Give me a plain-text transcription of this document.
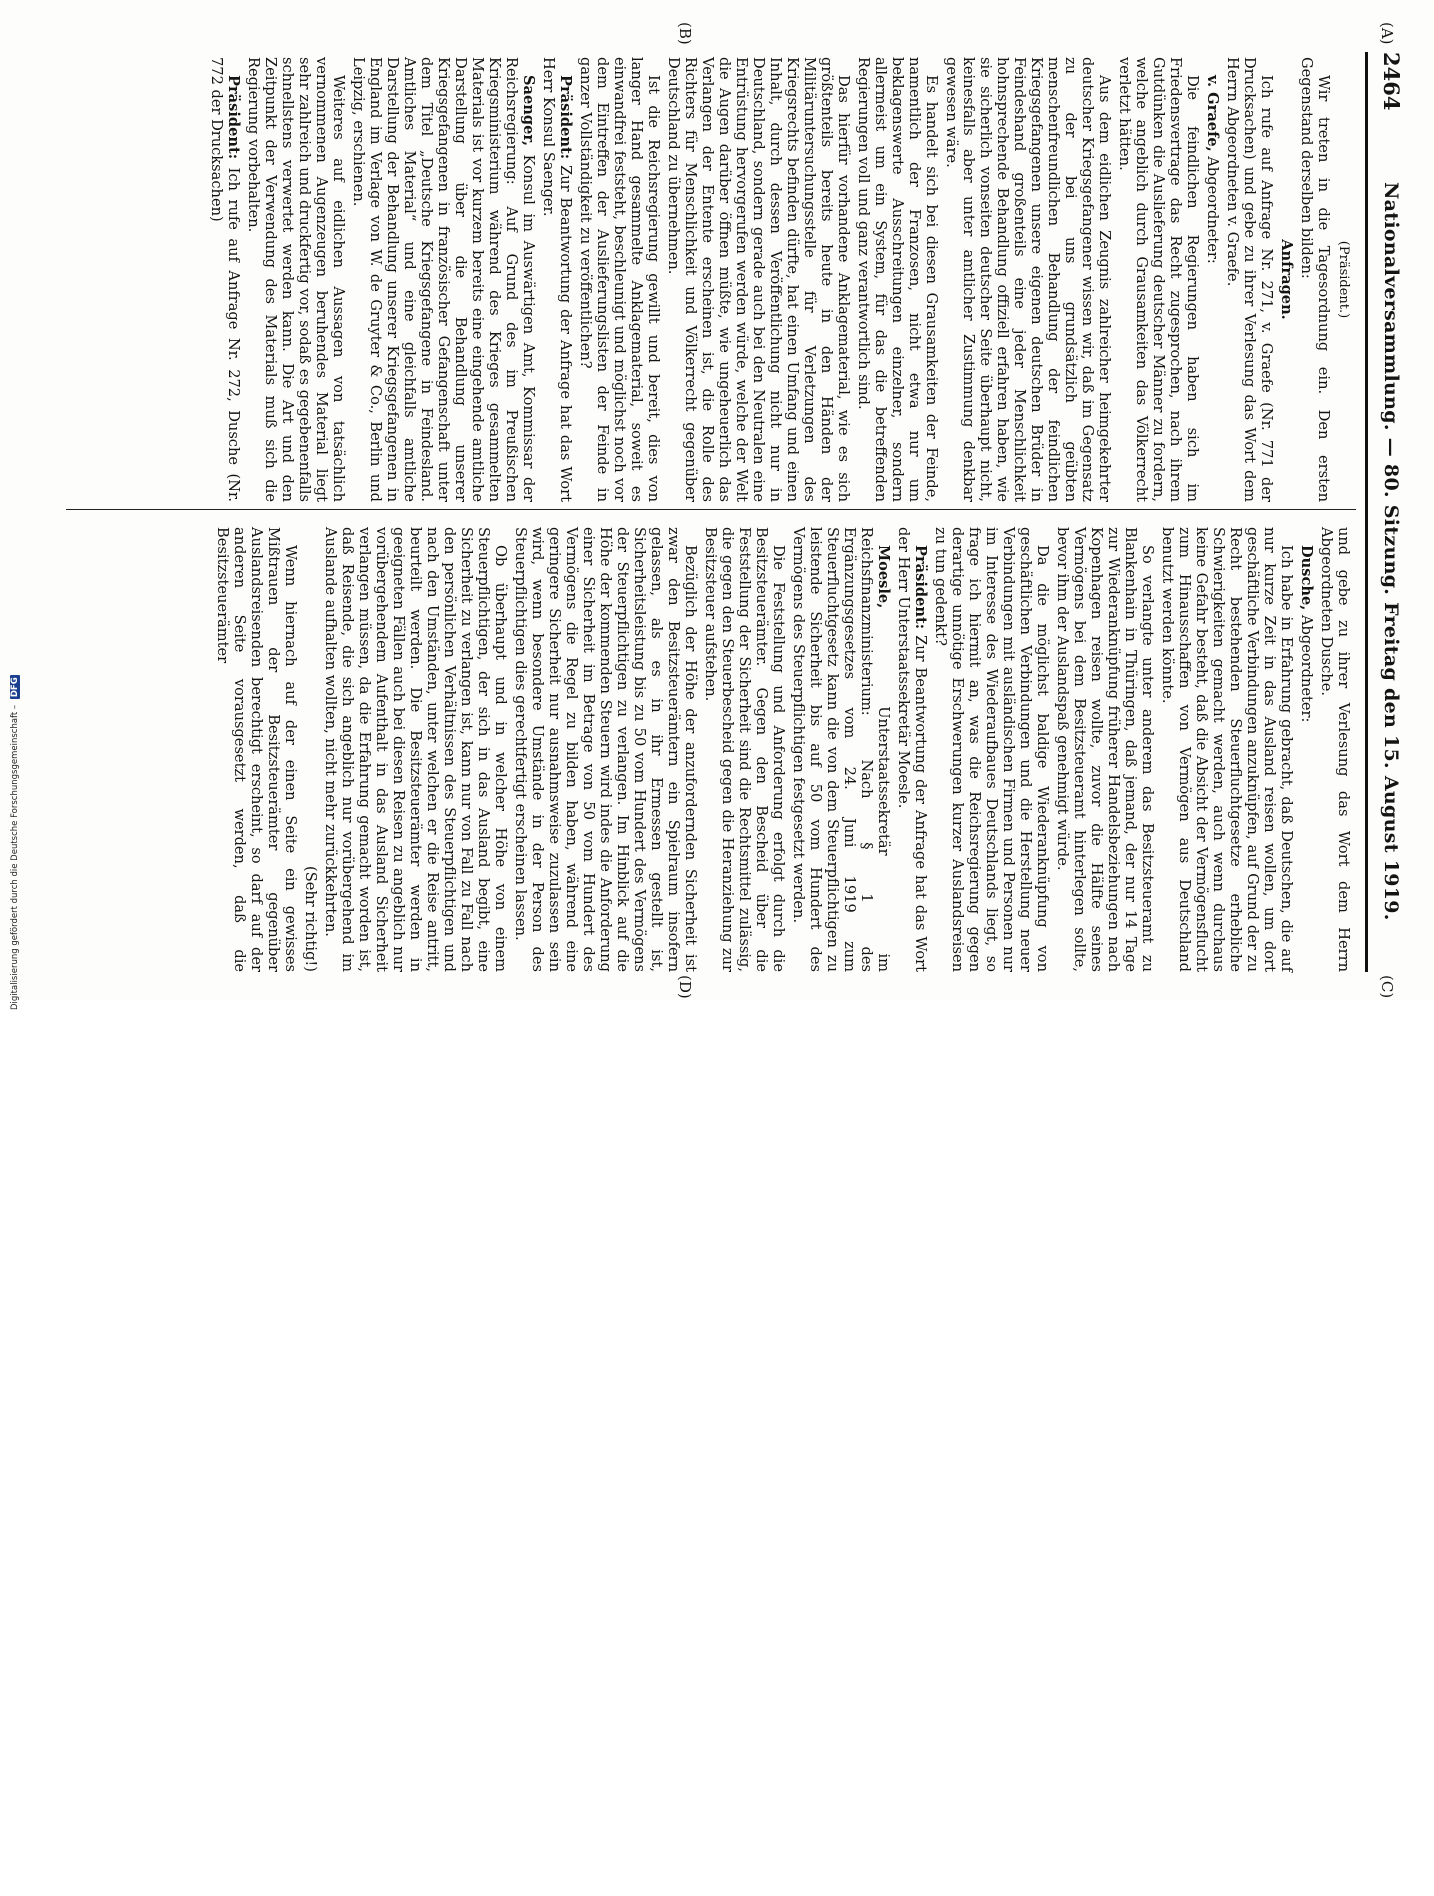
2464
Nationalversammlung. — 80. Sitzung. Freitag den 15. August 1919.
(A)
(B)
(C)
(D)

(Präsident.)

Wir treten in die Tagesordnung ein. Den ersten Gegenstand derselben bilden:

Anfragen.

Ich rufe auf Anfrage Nr. 271, v. Graefe (Nr. 771 der Drucksachen) und gebe zu ihrer Verlesung das Wort dem Herrn Abgeordneten v. Graefe.

v. Graefe, Abgeordneter:

Die feindlichen Regierungen haben sich im Friedensvertrage das Recht zugesprochen, nach ihrem Gutdünken die Auslieferung deutscher Männer zu fordern, welche angeblich durch Grausamkeiten das Völkerrecht verletzt hätten.

Aus dem eidlichen Zeugnis zahlreicher heimgekehrter deutscher Kriegsgefangener wissen wir, daß im Gegensatz zu der bei uns grundsätzlich geübten menschenfreundlichen Behandlung der feindlichen Kriegsgefangenen unsere eigenen deutschen Brüder in Feindeshand großenteils eine jeder Menschlichkeit hohnsprechende Behandlung offiziell erfahren haben, wie sie sicherlich vonseiten deutscher Seite überhaupt nicht, keinesfalls aber unter amtlicher Zustimmung denkbar gewesen wäre.

Es handelt sich bei diesen Grausamkeiten der Feinde, namentlich der Franzosen, nicht etwa nur um beklagenswerte Ausschreitungen einzelner, sondern allermeist um ein System, für das die betreffenden Regierungen voll und ganz verantwortlich sind.

Das hierfür vorhandene Anklagematerial, wie es sich größtenteils bereits heute in den Händen der Militäruntersuchungsstelle für Verletzungen des Kriegsrechts befinden dürfte, hat einen Umfang und einen Inhalt, durch dessen Veröffentlichung nicht nur in Deutschland, sondern gerade auch bei den Neutralen eine Entrüstung hervorgerufen werden würde, welche der Welt die Augen darüber öffnen müßte, wie ungeheuerlich das Verlangen der Entente erscheinen ist, die Rolle des Richters für Menschlichkeit und Völkerrecht gegenüber Deutschland zu übernehmen.

Ist die Reichsregierung gewillt und bereit, dies von langer Hand gesammelte Anklagematerial, soweit es einwandfrei feststeht, beschleunigt und möglichst noch vor dem Eintreffen der Auslieferungslisten der Feinde in ganzer Vollständigkeit zu veröffentlichen?

Präsident: Zur Beantwortung der Anfrage hat das Wort Herr Konsul Saenger.

Saenger, Konsul im Auswärtigen Amt, Kommissar der Reichsregierung: Auf Grund des im Preußischen Kriegsministerium während des Krieges gesammelten Materials ist vor kurzem bereits eine eingehende amtliche Darstellung über die Behandlung unserer Kriegsgefangenen in französischer Gefangenschaft unter dem Titel „Deutsche Kriegsgefangene in Feindesland. Amtliches Material“ und eine gleichfalls amtliche Darstellung der Behandlung unserer Kriegsgefangenen in England im Verlage von W. de Gruyter & Co., Berlin und Leipzig, erschienen.

Weiteres auf eidlichen Aussagen von tatsächlich vernommenen Augenzeugen beruhendes Material liegt sehr zahlreich und druckfertig vor, sodaß es gegebenenfalls schnellstens verwertet werden kann. Die Art und den Zeitpunkt der Verwendung des Materials muß sich die Regierung vorbehalten.

Präsident: Ich rufe auf Anfrage Nr. 272, Dusche (Nr. 772 der Drucksachen)

und gebe zu ihrer Verlesung das Wort dem Herrn Abgeordneten Dusche.

Dusche, Abgeordneter:

Ich habe in Erfahrung gebracht, daß Deutschen, die auf nur kurze Zeit in das Ausland reisen wollen, um dort geschäftliche Verbindungen anzuknüpfen, auf Grund der zu Recht bestehenden Steuerfluchtgesetze erhebliche Schwierigkeiten gemacht werden, auch wenn durchaus keine Gefahr besteht, daß die Absicht der Vermögensflucht zum Hinausschaffen von Vermögen aus Deutschland benutzt werden könnte.

So verlangte unter anderem das Besitzsteueramt zu Blankenhain in Thüringen, daß jemand, der nur 14 Tage zur Wiederanknüpfung früherer Handelsbeziehungen nach Kopenhagen reisen wollte, zuvor die Hälfte seines Vermögens bei dem Besitzsteueramt hinterlegen sollte, bevor ihm der Auslandspaß genehmigt würde.

Da die möglichst baldige Wiederanknüpfung von geschäftlichen Verbindungen und die Herstellung neuer Verbindungen mit ausländischen Firmen und Personen nur im Interesse des Wiederaufbaues Deutschlands liegt, so frage ich hiermit an, was die Reichsregierung gegen derartige unnötige Erschwerungen kurzer Auslandsreisen zu tun gedenkt?

Präsident: Zur Beantwortung der Anfrage hat das Wort der Herr Unterstaatssekretär Moesle.

Moesle, Unterstaatssekretär im Reichsfinanzministerium: Nach § 1 des Ergänzungsgesetzes vom 24. Juni 1919 zum Steuerfluchtgesetz kann die von dem Steuerpflichtigen zu leistende Sicherheit bis auf 50 vom Hundert des Vermögens des Steuerpflichtigen festgesetzt werden.

Die Feststellung und Anforderung erfolgt durch die Besitzsteuerämter. Gegen den Bescheid über die Feststellung der Sicherheit sind die Rechtsmittel zulässig, die gegen den Steuerbescheid gegen die Heranziehung zur Besitzsteuer aufstehen.

Bezüglich der Höhe der anzufordernden Sicherheit ist zwar den Besitzsteuerämtern ein Spielraum insofern gelassen, als es in ihr Ermessen gestellt ist, Sicherheitsleistung bis zu 50 vom Hundert des Vermögens der Steuerpflichtigen zu verlangen. Im Hinblick auf die Höhe der kommenden Steuern wird indes die Anforderung einer Sicherheit im Betrage von 50 vom Hundert des Vermögens die Regel zu bilden haben, während eine geringere Sicherheit nur ausnahmsweise zuzulassen sein wird, wenn besondere Umstände in der Person des Steuerpflichtigen dies gerechtfertigt erscheinen lassen.

Ob überhaupt und in welcher Höhe von einem Steuerpflichtigen, der sich in das Ausland begibt, eine Sicherheit zu verlangen ist, kann nur von Fall zu Fall nach den persönlichen Verhältnissen des Steuerpflichtigen und nach den Umständen, unter welchen er die Reise antritt, beurteilt werden. Die Besitzsteuerämter werden in geeigneten Fällen auch bei diesen Reisen zu angeblich nur vorübergehendem Aufenthalt in das Ausland Sicherheit verlangen müssen, da die Erfahrung gemacht worden ist, daß Reisende, die sich angeblich nur vorübergehend im Auslande aufhalten wollten, nicht mehr zurückkehrten.

(Sehr richtig!)

Wenn hiernach auf der einen Seite ein gewisses Mißtrauen der Besitzsteuerämter gegenüber Auslandsreisenden berechtigt erscheint, so darf auf der anderen Seite vorausgesetzt werden, daß die Besitzsteuerämter

Digitalisierung gefördert durch die Deutsche Forschungsgemeinschaft – DFG
